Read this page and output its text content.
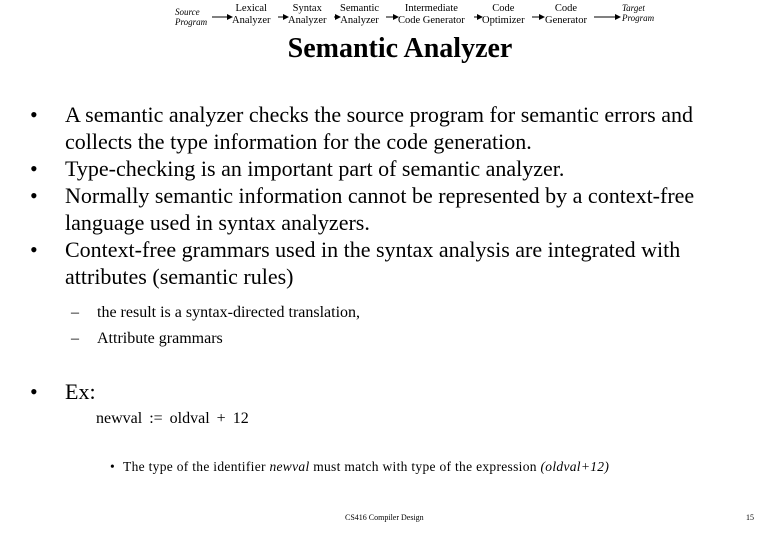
Source
Program
Lexical
Analyzer
Syntax
Analyzer
Semantic
Analyzer
Intermediate
Code Generator
Code
Optimizer
Code
Generator
Target
Program
Semantic Analyzer
• A semantic analyzer checks the source program for semantic errors and collects the type information for the code generation.
• Type-checking is an important part of semantic analyzer.
• Normally semantic information cannot be represented by a context-free language used in syntax analyzers.
• Context-free grammars used in the syntax analysis are integrated with attributes (semantic rules)
– the result is a syntax-directed translation,
– Attribute grammars
• Ex:
newval := oldval + 12
• The type of the identifier newval must match with type of the expression (oldval+12)
CS416 Compiler Design	15
